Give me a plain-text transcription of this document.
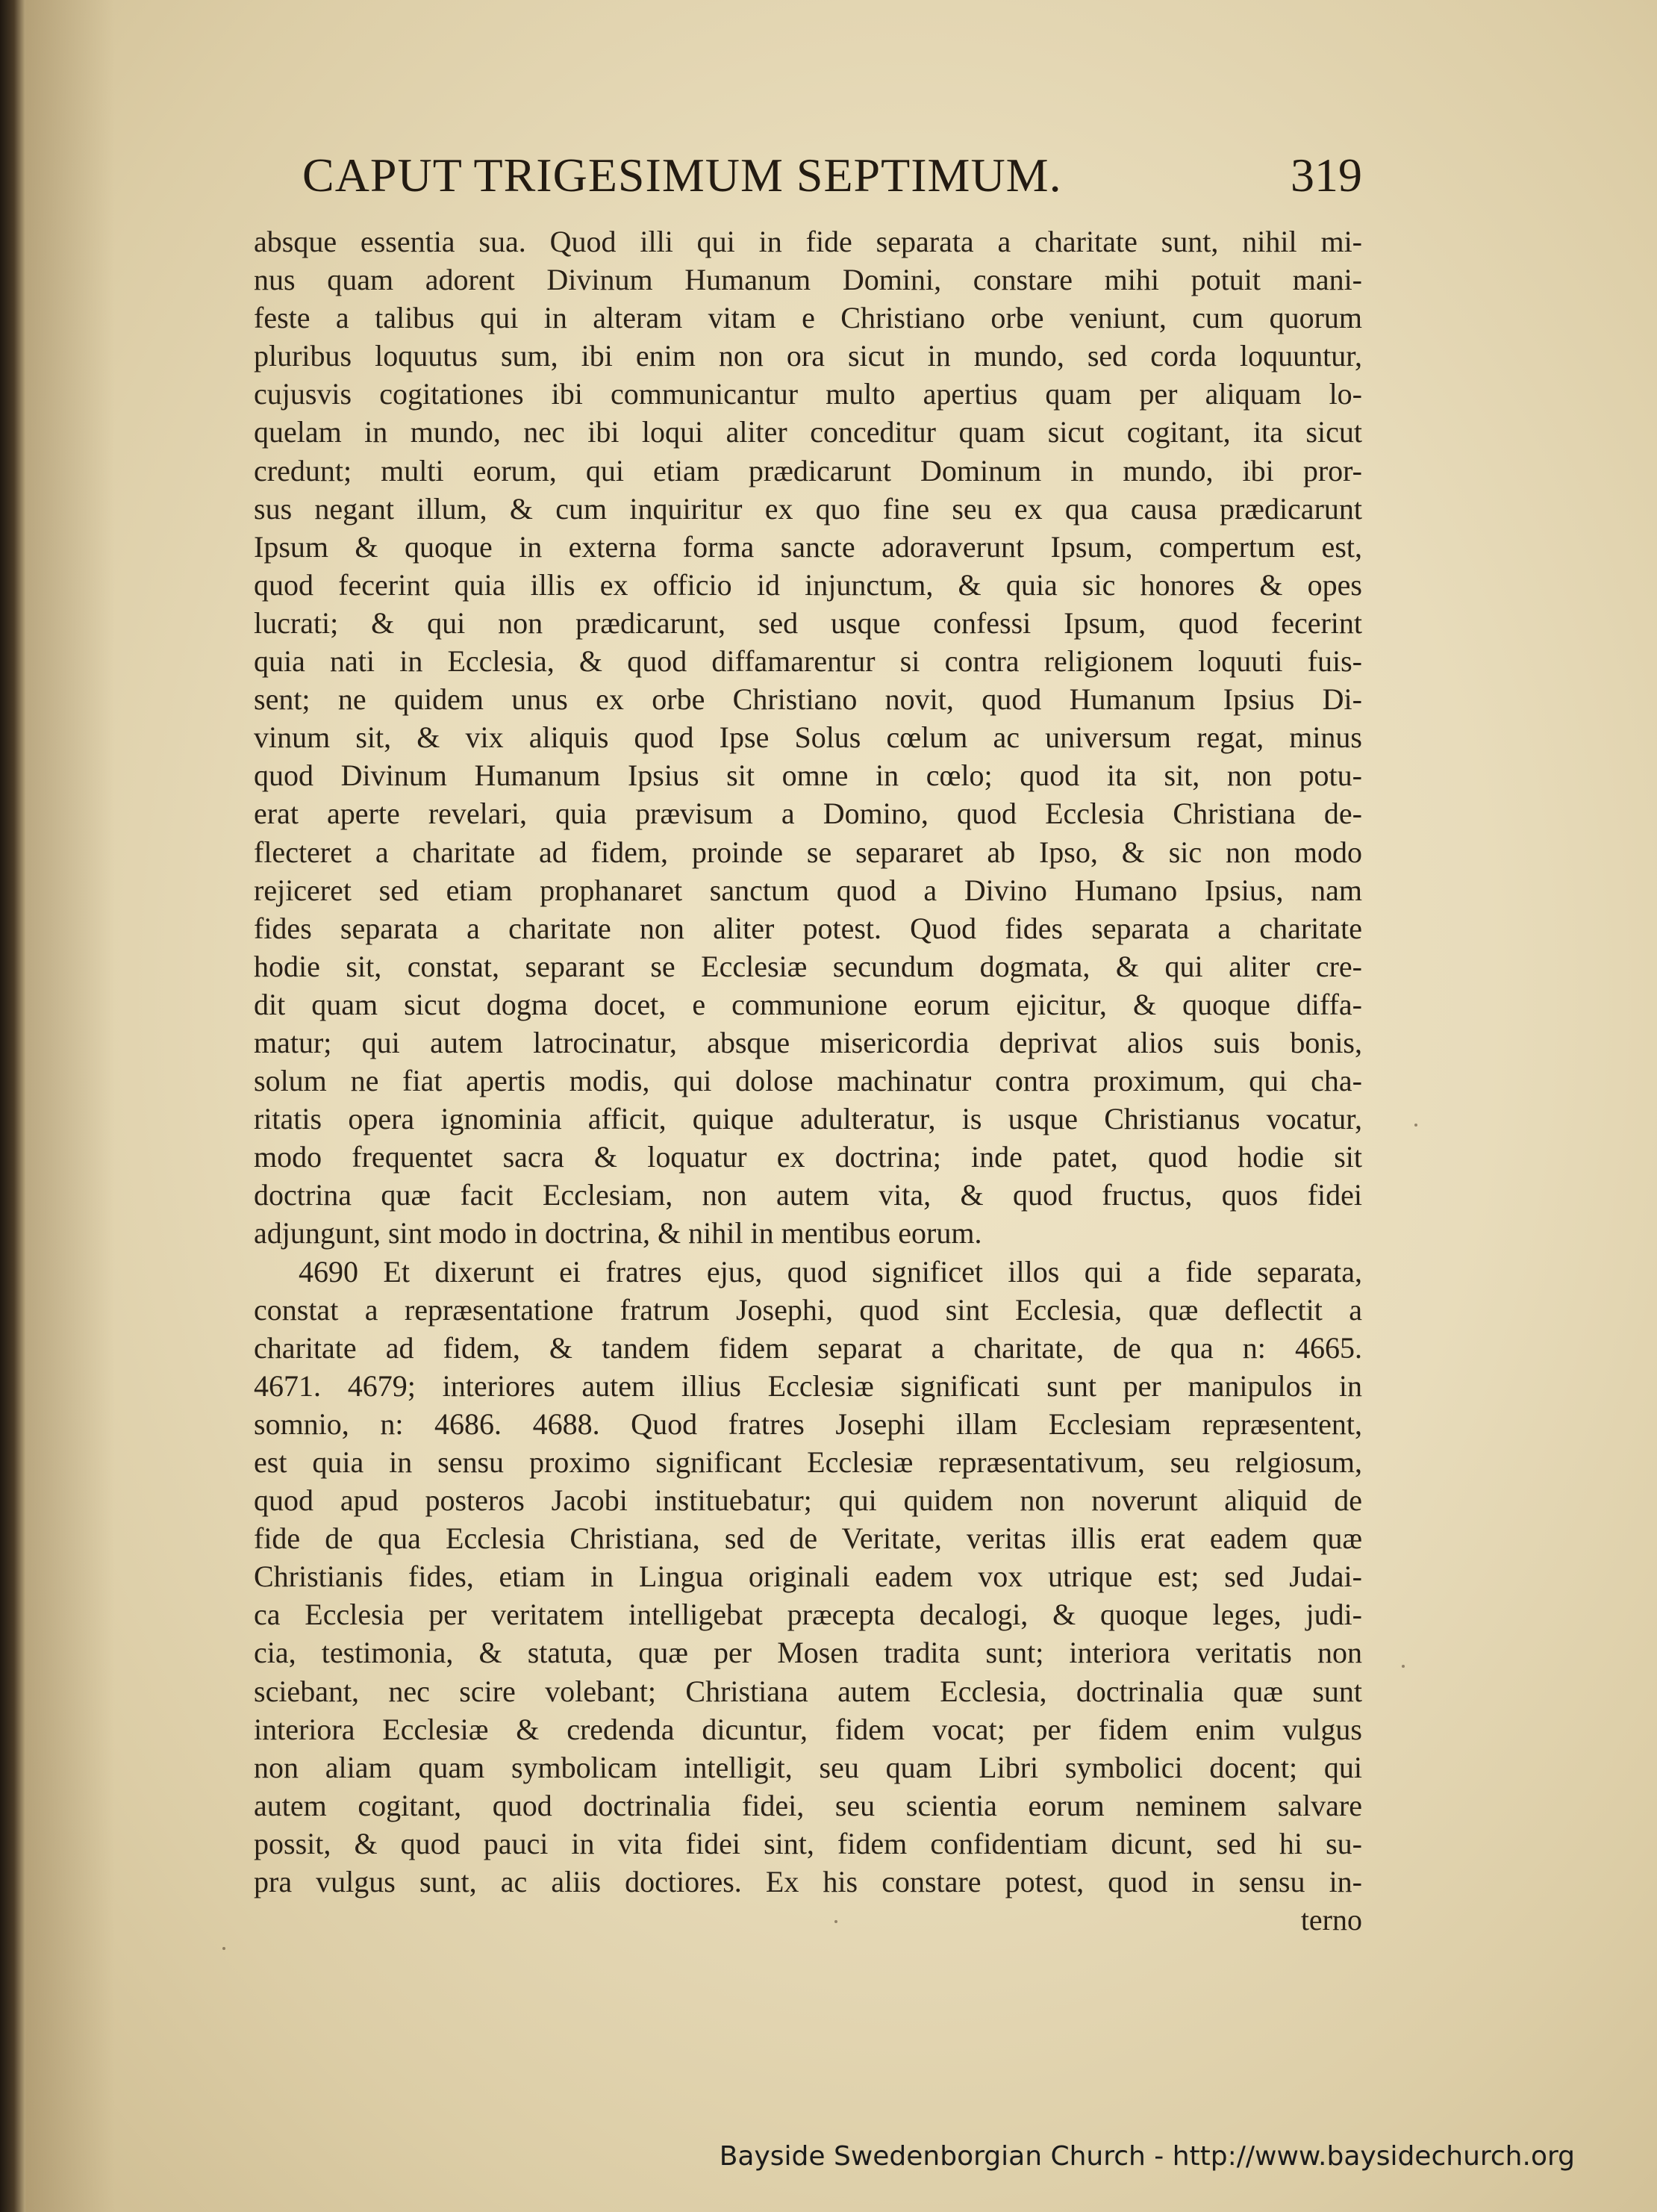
CAPUT TRIGESIMUM SEPTIMUM.	319
absque essentia sua. Quod illi qui in fide separata a charitate sunt, nihil mi-
nus quam adorent Divinum Humanum Domini, constare mihi potuit mani-
feste a talibus qui in alteram vitam e Christiano orbe veniunt, cum quorum
pluribus loquutus sum, ibi enim non ora sicut in mundo, sed corda loquuntur,
cujusvis cogitationes ibi communicantur multo apertius quam per aliquam lo-
quelam in mundo, nec ibi loqui aliter conceditur quam sicut cogitant, ita sicut
credunt; multi eorum, qui etiam prædicarunt Dominum in mundo, ibi pror-
sus negant illum, & cum inquiritur ex quo fine seu ex qua causa prædicarunt
Ipsum & quoque in externa forma sancte adoraverunt Ipsum, compertum est,
quod fecerint quia illis ex officio id injunctum, & quia sic honores & opes
lucrati; & qui non prædicarunt, sed usque confessi Ipsum, quod fecerint
quia nati in Ecclesia, & quod diffamarentur si contra religionem loquuti fuis-
sent; ne quidem unus ex orbe Christiano novit, quod Humanum Ipsius Di-
vinum sit, & vix aliquis quod Ipse Solus cœlum ac universum regat, minus
quod Divinum Humanum Ipsius sit omne in cœlo; quod ita sit, non potu-
erat aperte revelari, quia prævisum a Domino, quod Ecclesia Christiana de-
flecteret a charitate ad fidem, proinde se separaret ab Ipso, & sic non modo
rejiceret sed etiam prophanaret sanctum quod a Divino Humano Ipsius, nam
fides separata a charitate non aliter potest. Quod fides separata a charitate
hodie sit, constat, separant se Ecclesiæ secundum dogmata, & qui aliter cre-
dit quam sicut dogma docet, e communione eorum ejicitur, & quoque diffa-
matur; qui autem latrocinatur, absque misericordia deprivat alios suis bonis,
solum ne fiat apertis modis, qui dolose machinatur contra proximum, qui cha-
ritatis opera ignominia afficit, quique adulteratur, is usque Christianus vocatur,
modo frequentet sacra & loquatur ex doctrina; inde patet, quod hodie sit
doctrina quæ facit Ecclesiam, non autem vita, & quod fructus, quos fidei
adjungunt, sint modo in doctrina, & nihil in mentibus eorum.
4690 Et dixerunt ei fratres ejus, quod significet illos qui a fide separata,
constat a repræsentatione fratrum Josephi, quod sint Ecclesia, quæ deflectit a
charitate ad fidem, & tandem fidem separat a charitate, de qua n: 4665.
4671. 4679; interiores autem illius Ecclesiæ significati sunt per manipulos in
somnio, n: 4686. 4688. Quod fratres Josephi illam Ecclesiam repræsentent,
est quia in sensu proximo significant Ecclesiæ repræsentativum, seu relgiosum,
quod apud posteros Jacobi instituebatur; qui quidem non noverunt aliquid de
fide de qua Ecclesia Christiana, sed de Veritate, veritas illis erat eadem quæ
Christianis fides, etiam in Lingua originali eadem vox utrique est; sed Judai-
ca Ecclesia per veritatem intelligebat præcepta decalogi, & quoque leges, judi-
cia, testimonia, & statuta, quæ per Mosen tradita sunt; interiora veritatis non
sciebant, nec scire volebant; Christiana autem Ecclesia, doctrinalia quæ sunt
interiora Ecclesiæ & credenda dicuntur, fidem vocat; per fidem enim vulgus
non aliam quam symbolicam intelligit, seu quam Libri symbolici docent; qui
autem cogitant, quod doctrinalia fidei, seu scientia eorum neminem salvare
possit, & quod pauci in vita fidei sint, fidem confidentiam dicunt, sed hi su-
pra vulgus sunt, ac aliis doctiores. Ex his constare potest, quod in sensu in-
terno
Bayside Swedenborgian Church - http://www.baysidechurch.org
